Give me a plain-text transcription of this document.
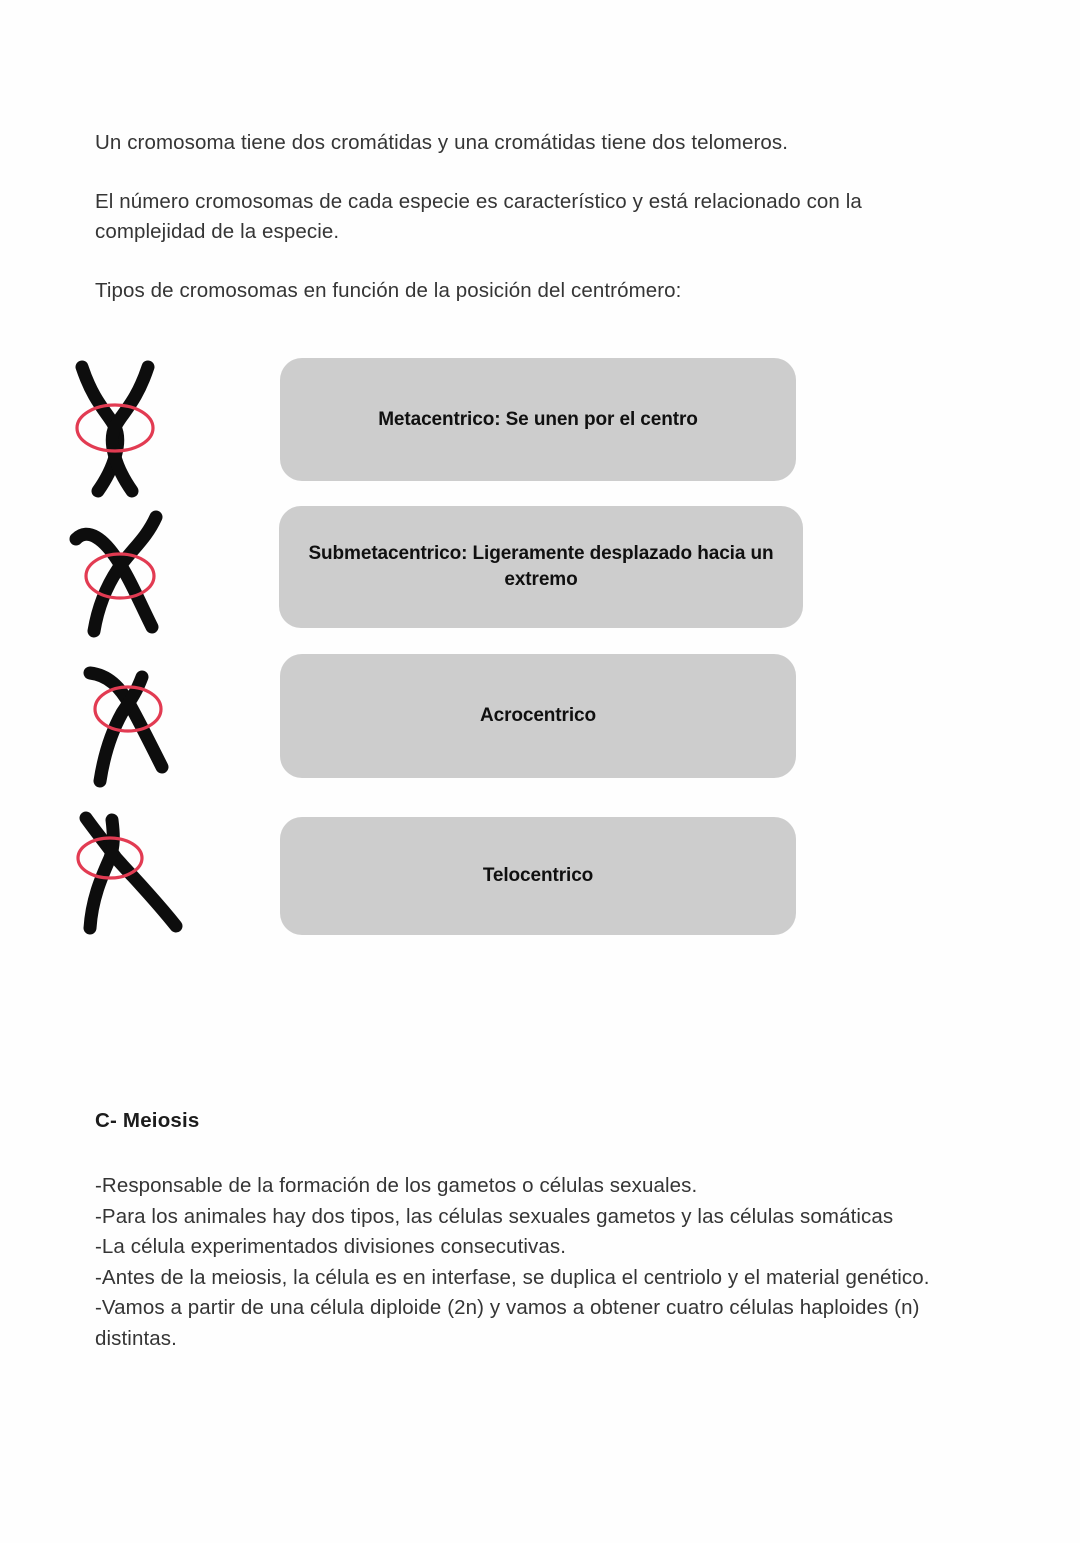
Un cromosoma tiene dos cromátidas y una cromátidas tiene dos telomeros.

El número cromosomas de cada especie es característico y está relacionado con la complejidad de la especie.

Tipos de cromosomas en función de la posición del centrómero:

Metacentrico: Se unen por el centro
Submetacentrico: Ligeramente desplazado hacia un extremo
Acrocentrico
Telocentrico
C- Meiosis

-Responsable de la formación de los gametos o células sexuales.

-Para los animales hay dos tipos, las células sexuales gametos y las células somáticas

-La célula experimentados divisiones consecutivas.

-Antes de la meiosis, la célula es en interfase, se duplica el centriolo y el material genético.

-Vamos a partir de una célula diploide (2n) y vamos a obtener cuatro células haploides (n) distintas.
